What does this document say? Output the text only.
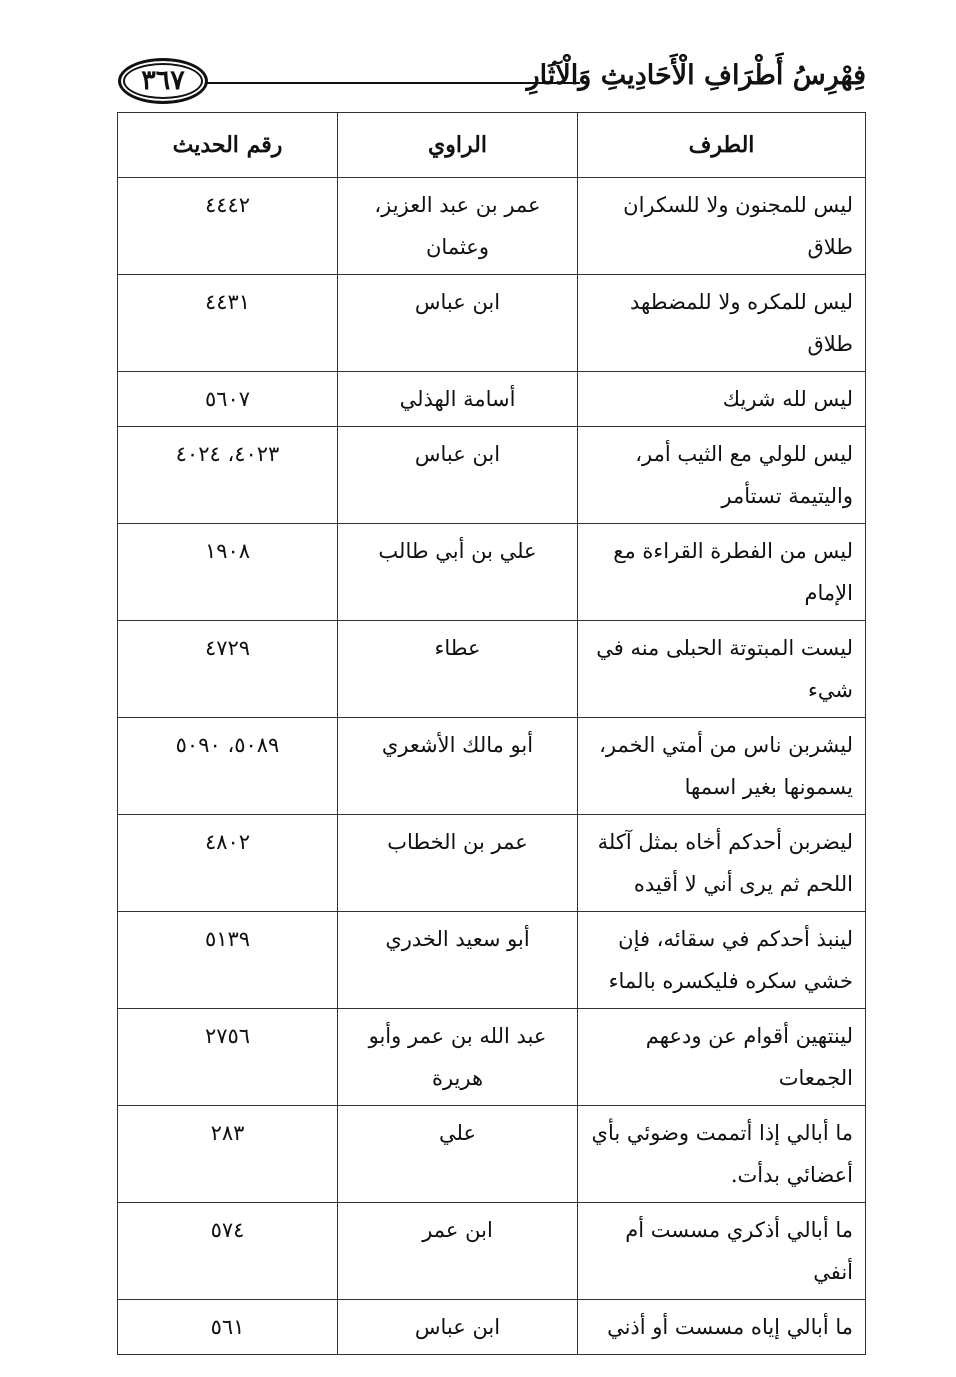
فِهْرِسُ أَطْرَافِ الْأَحَادِيثِ وَالْآثَارِ
٣٦٧
الطرف	الراوي	رقم الحديث
ليس للمجنون ولا للسكران طلاق	عمر بن عبد العزيز، وعثمان	٤٤٤٢
ليس للمكره ولا للمضطهد طلاق	ابن عباس	٤٤٣١
ليس لله شريك	أسامة الهذلي	٥٦٠٧
ليس للولي مع الثيب أمر، واليتيمة تستأمر	ابن عباس	٤٠٢٣، ٤٠٢٤
ليس من الفطرة القراءة مع الإمام	علي بن أبي طالب	١٩٠٨
ليست المبتوتة الحبلى منه في شيء	عطاء	٤٧٢٩
ليشربن ناس من أمتي الخمر، يسمونها بغير اسمها	أبو مالك الأشعري	٥٠٨٩، ٥٠٩٠
ليضربن أحدكم أخاه بمثل آكلة اللحم ثم يرى أني لا أقيده	عمر بن الخطاب	٤٨٠٢
لينبذ أحدكم في سقائه، فإن خشي سكره فليكسره بالماء	أبو سعيد الخدري	٥١٣٩
لينتهين أقوام عن ودعهم الجمعات	عبد الله بن عمر وأبو هريرة	٢٧٥٦
ما أبالي إذا أتممت وضوئي بأي أعضائي بدأت.	علي	٢٨٣
ما أبالي أذكري مسست أم أنفي	ابن عمر	٥٧٤
ما أبالي إياه مسست أو أذني	ابن عباس	٥٦١
